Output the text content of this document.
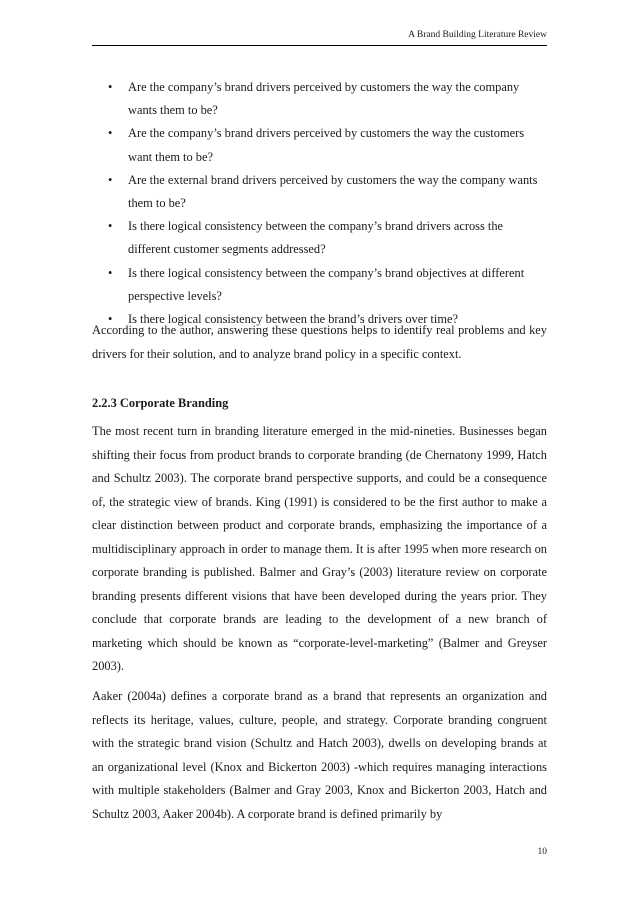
A Brand Building Literature Review
• Are the company’s brand drivers perceived by customers the way the company wants them to be?
• Are the company’s brand drivers perceived by customers the way the customers want them to be?
• Are the external brand drivers perceived by customers the way the company wants them to be?
• Is there logical consistency between the company’s brand drivers across the different customer segments addressed?
• Is there logical consistency between the company’s brand objectives at different perspective levels?
• Is there logical consistency between the brand’s drivers over time?

According to the author, answering these questions helps to identify real problems and key drivers for their solution, and to analyze brand policy in a specific context.

2.2.3 Corporate Branding

The most recent turn in branding literature emerged in the mid-nineties. Businesses began shifting their focus from product brands to corporate branding (de Chernatony 1999, Hatch and Schultz 2003). The corporate brand perspective supports, and could be a consequence of, the strategic view of brands. King (1991) is considered to be the first author to make a clear distinction between product and corporate brands, emphasizing the importance of a multidisciplinary approach in order to manage them. It is after 1995 when more research on corporate branding is published. Balmer and Gray’s (2003) literature review on corporate branding presents different visions that have been developed during the years prior. They conclude that corporate brands are leading to the development of a new branch of marketing which should be known as “corporate-level-marketing” (Balmer and Greyser 2003).

Aaker (2004a) defines a corporate brand as a brand that represents an organization and reflects its heritage, values, culture, people, and strategy. Corporate branding congruent with the strategic brand vision (Schultz and Hatch 2003), dwells on developing brands at an organizational level (Knox and Bickerton 2003) -which requires managing interactions with multiple stakeholders (Balmer and Gray 2003, Knox and Bickerton 2003, Hatch and Schultz 2003, Aaker 2004b). A corporate brand is defined primarily by

10
